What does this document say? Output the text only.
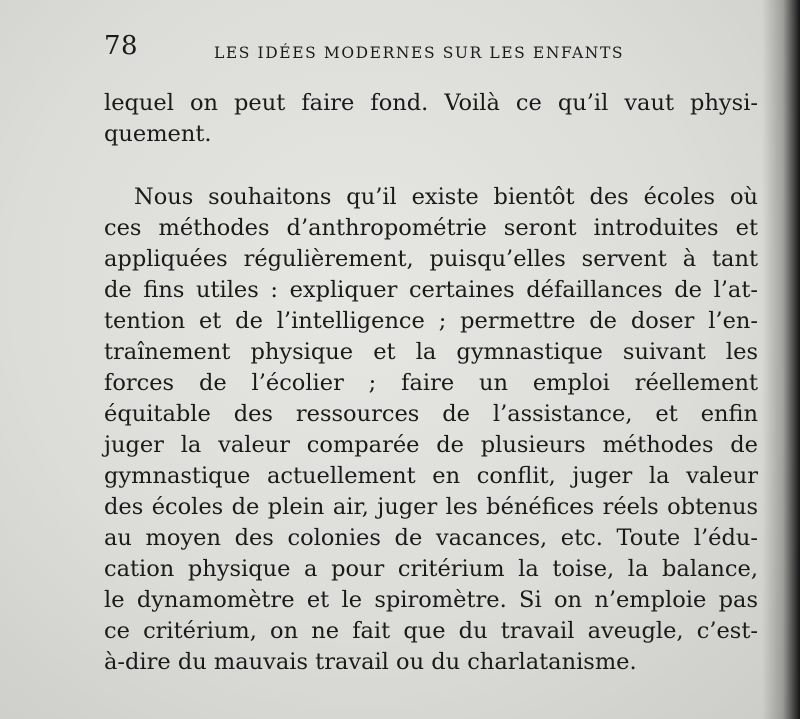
78	LES IDÉES MODERNES SUR LES ENFANTS

lequel on peut faire fond. Voilà ce qu’il vaut physi-
quement.

Nous souhaitons qu’il existe bientôt des écoles où
ces méthodes d’anthropométrie seront introduites et
appliquées régulièrement, puisqu’elles servent à tant
de fins utiles : expliquer certaines défaillances de l’at-
tention et de l’intelligence ; permettre de doser l’en-
traînement physique et la gymnastique suivant les
forces de l’écolier ; faire un emploi réellement
équitable des ressources de l’assistance, et enfin
juger la valeur comparée de plusieurs méthodes de
gymnastique actuellement en conflit, juger la valeur
des écoles de plein air, juger les bénéfices réels obtenus
au moyen des colonies de vacances, etc. Toute l’édu-
cation physique a pour critérium la toise, la balance,
le dynamomètre et le spiromètre. Si on n’emploie pas
ce critérium, on ne fait que du travail aveugle, c’est-
à-dire du mauvais travail ou du charlatanisme.
